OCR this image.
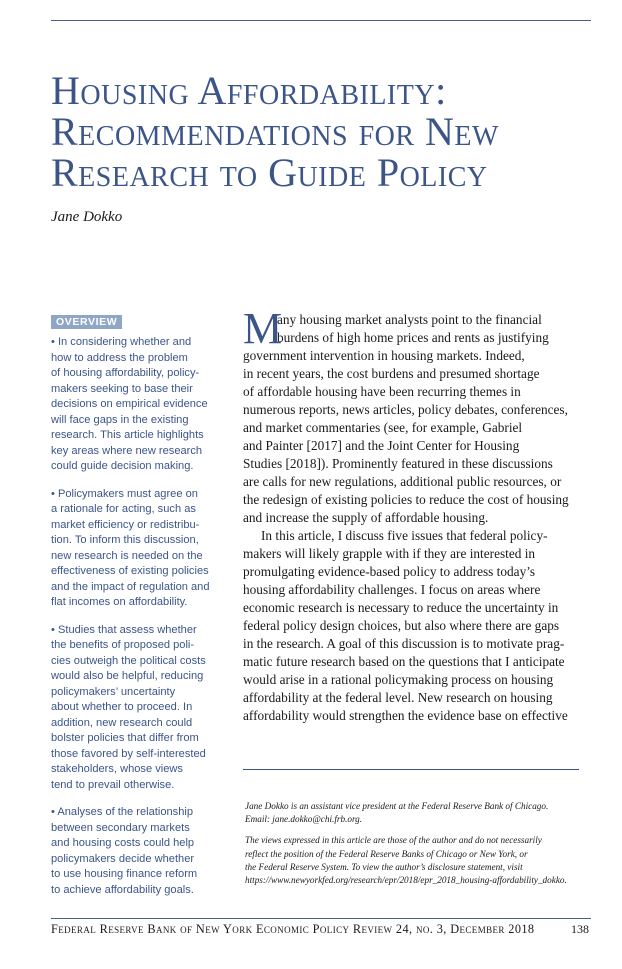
Housing Affordability:
Recommendations for New
Research to Guide Policy
Jane Dokko
OVERVIEW

• In considering whether and
how to address the problem
of housing affordability, policy-
makers seeking to base their
decisions on empirical evidence
will face gaps in the existing
research. This article highlights
key areas where new research
could guide decision making.

• Policymakers must agree on
a rationale for acting, such as
market efficiency or redistribu-
tion. To inform this discussion,
new research is needed on the
effectiveness of existing policies
and the impact of regulation and
flat incomes on affordability.

• Studies that assess whether
the benefits of proposed poli-
cies outweigh the political costs
would also be helpful, reducing
policymakers’ uncertainty
about whether to proceed. In
addition, new research could
bolster policies that differ from
those favored by self-interested
stakeholders, whose views
tend to prevail otherwise.

• Analyses of the relationship
between secondary markets
and housing costs could help
policymakers decide whether
to use housing finance reform
to achieve affordability goals.

M

any housing market analysts point to the financial
burdens of high home prices and rents as justifying
government intervention in housing markets. Indeed,
in recent years, the cost burdens and presumed shortage
of affordable housing have been recurring themes in
numerous reports, news articles, policy debates, conferences,
and market commentaries (see, for example, Gabriel
and Painter [2017] and the Joint Center for Housing
Studies [2018]). Prominently featured in these discussions
are calls for new regulations, additional public resources, or
the redesign of existing policies to reduce the cost of housing
and increase the supply of affordable housing.

In this article, I discuss five issues that federal policy-
makers will likely grapple with if they are interested in
promulgating evidence-based policy to address today’s
housing affordability challenges. I focus on areas where
economic research is necessary to reduce the uncertainty in
federal policy design choices, but also where there are gaps
in the research. A goal of this discussion is to motivate prag-
matic future research based on the questions that I anticipate
would arise in a rational policymaking process on housing
affordability at the federal level. New research on housing
affordability would strengthen the evidence base on effective

Jane Dokko is an assistant vice president at the Federal Reserve Bank of Chicago.
Email: jane.dokko@chi.frb.org.

The views expressed in this article are those of the author and do not necessarily
reflect the position of the Federal Reserve Banks of Chicago or New York, or
the Federal Reserve System. To view the author’s disclosure statement, visit
https://www.newyorkfed.org/research/epr/2018/epr_2018_housing-affordability_dokko.

Federal Reserve Bank of New York Economic Policy Review 24, no. 3, December 2018	138
